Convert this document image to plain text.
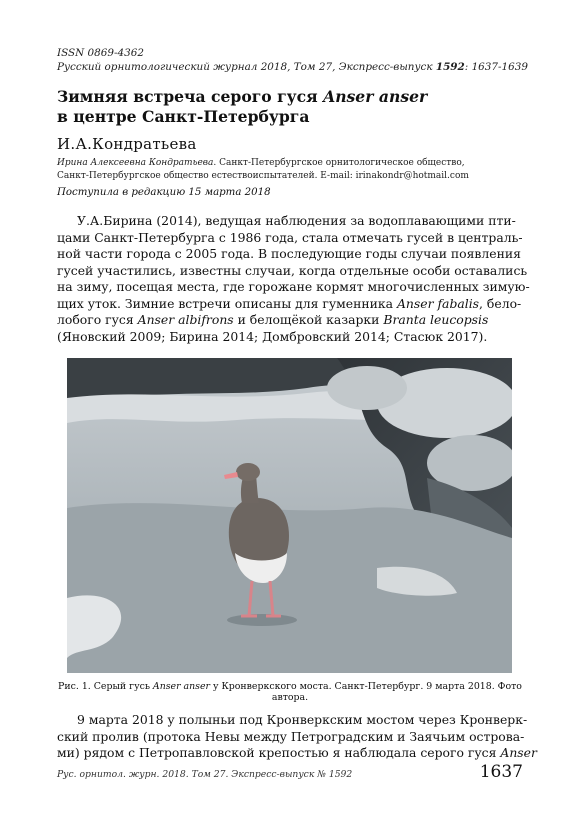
ISSN 0869-4362
Русский орнитологический журнал 2018, Том 27, Экспресс-выпуск 1592: 1637-1639
Зимняя встреча серого гуся Anser anser
в центре Санкт-Петербурга
И.А.Кондратьева
Ирина Алексеевна Кондратьева. Санкт-Петербургское орнитологическое общество,
Санкт-Петербургское общество естествоиспытателей. E-mail: irinakondr@hotmail.com
Поступила в редакцию 15 марта 2018
У.А.Бирина (2014), ведущая наблюдения за водоплавающими пти-
цами Санкт-Петербурга с 1986 года, стала отмечать гусей в централь-
ной части города с 2005 года. В последующие годы случаи появления
гусей участились, известны случаи, когда отдельные особи оставались
на зиму, посещая места, где горожане кормят многочисленных зимую-
щих уток. Зимние встречи описаны для гуменника Anser fabalis, бело-
лобого гуся Anser albifrons и белощёкой казарки Branta leucopsis
(Яновский 2009; Бирина 2014; Домбровский 2014; Стасюк 2017).
Рис. 1. Серый гусь Anser anser у Кронверкского моста. Санкт-Петербург. 9 марта 2018. Фото автора.
9 марта 2018 у полыньи под Кронверкским мостом через Кронверк-
ский пролив (протока Невы между Петроградским и Заячьим острова-
ми) рядом с Петропавловской крепостью я наблюдала серого гуся Anser
Рус. орнитол. журн. 2018. Том 27. Экспресс-выпуск № 1592	1637
